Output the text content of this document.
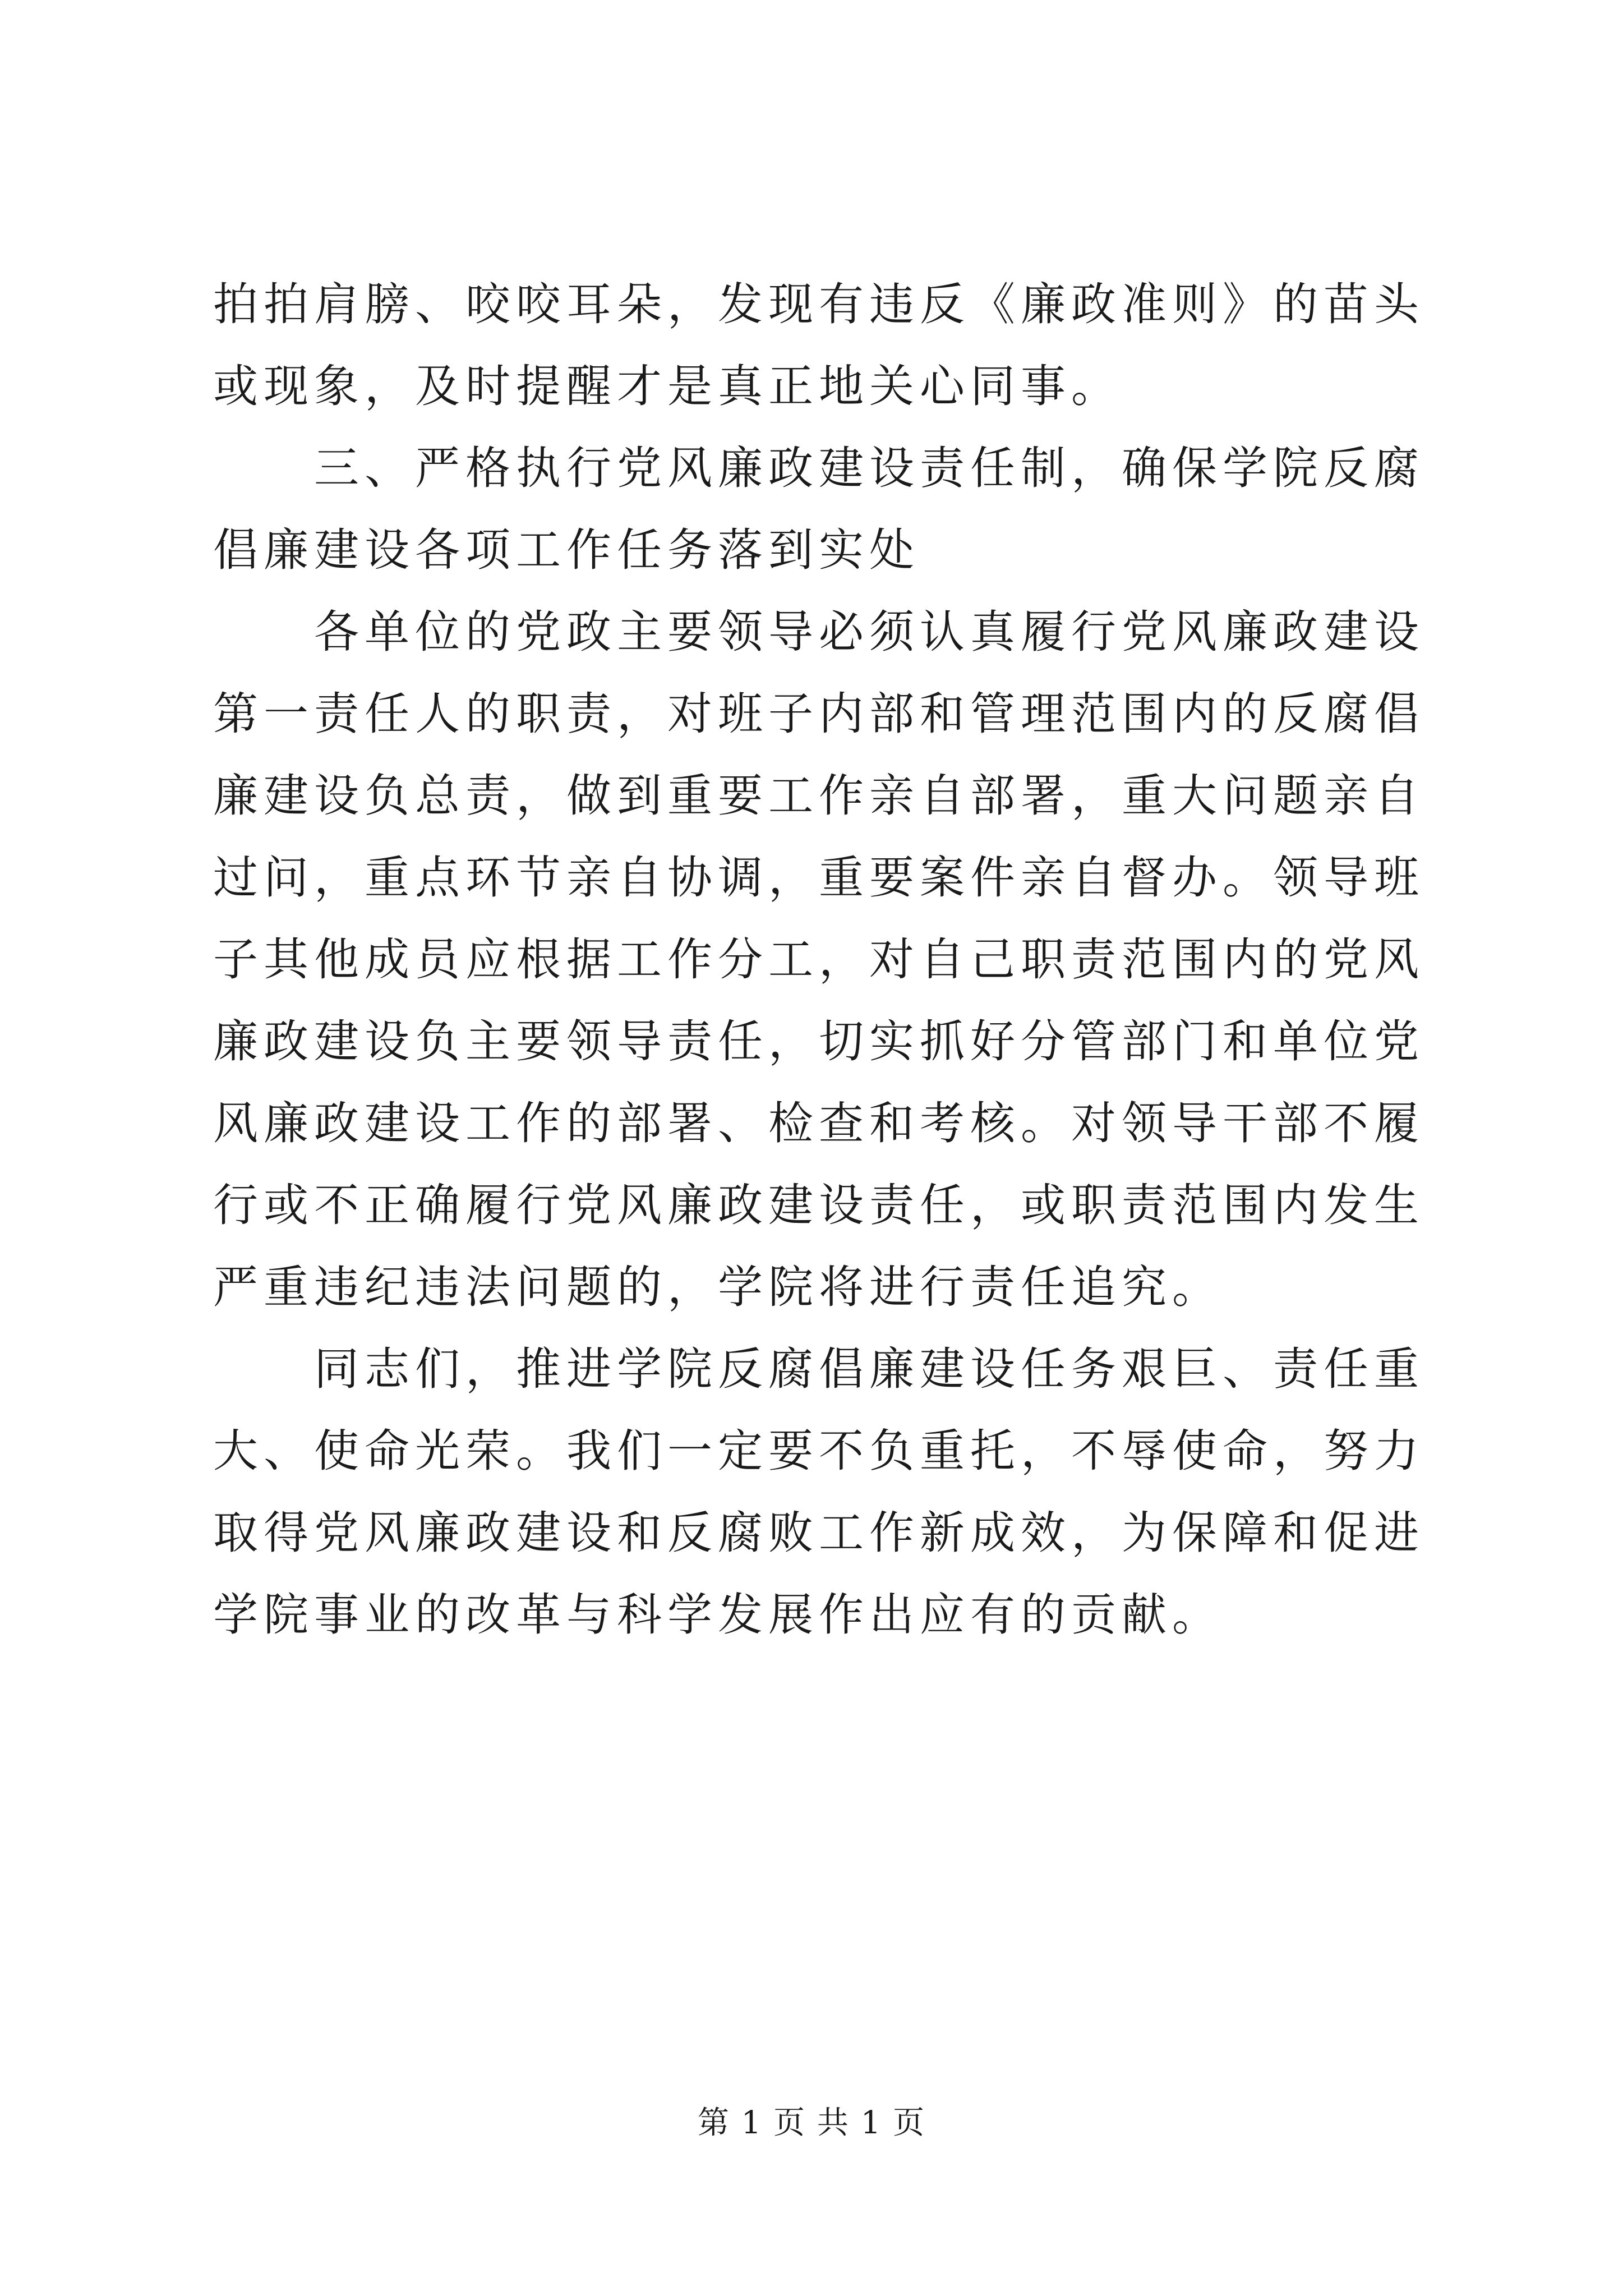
拍拍肩膀、咬咬耳朵，发现有违反《廉政准则》的苗头或现象，及时提醒才是真正地关心同事。

三、严格执行党风廉政建设责任制，确保学院反腐倡廉建设各项工作任务落到实处

各单位的党政主要领导必须认真履行党风廉政建设第一责任人的职责，对班子内部和管理范围内的反腐倡廉建设负总责，做到重要工作亲自部署，重大问题亲自过问，重点环节亲自协调，重要案件亲自督办。领导班子其他成员应根据工作分工，对自己职责范围内的党风廉政建设负主要领导责任，切实抓好分管部门和单位党风廉政建设工作的部署、检查和考核。对领导干部不履行或不正确履行党风廉政建设责任，或职责范围内发生严重违纪违法问题的，学院将进行责任追究。

同志们，推进学院反腐倡廉建设任务艰巨、责任重大、使命光荣。我们一定要不负重托，不辱使命，努力取得党风廉政建设和反腐败工作新成效，为保障和促进学院事业的改革与科学发展作出应有的贡献。

第 1 页 共 1 页
